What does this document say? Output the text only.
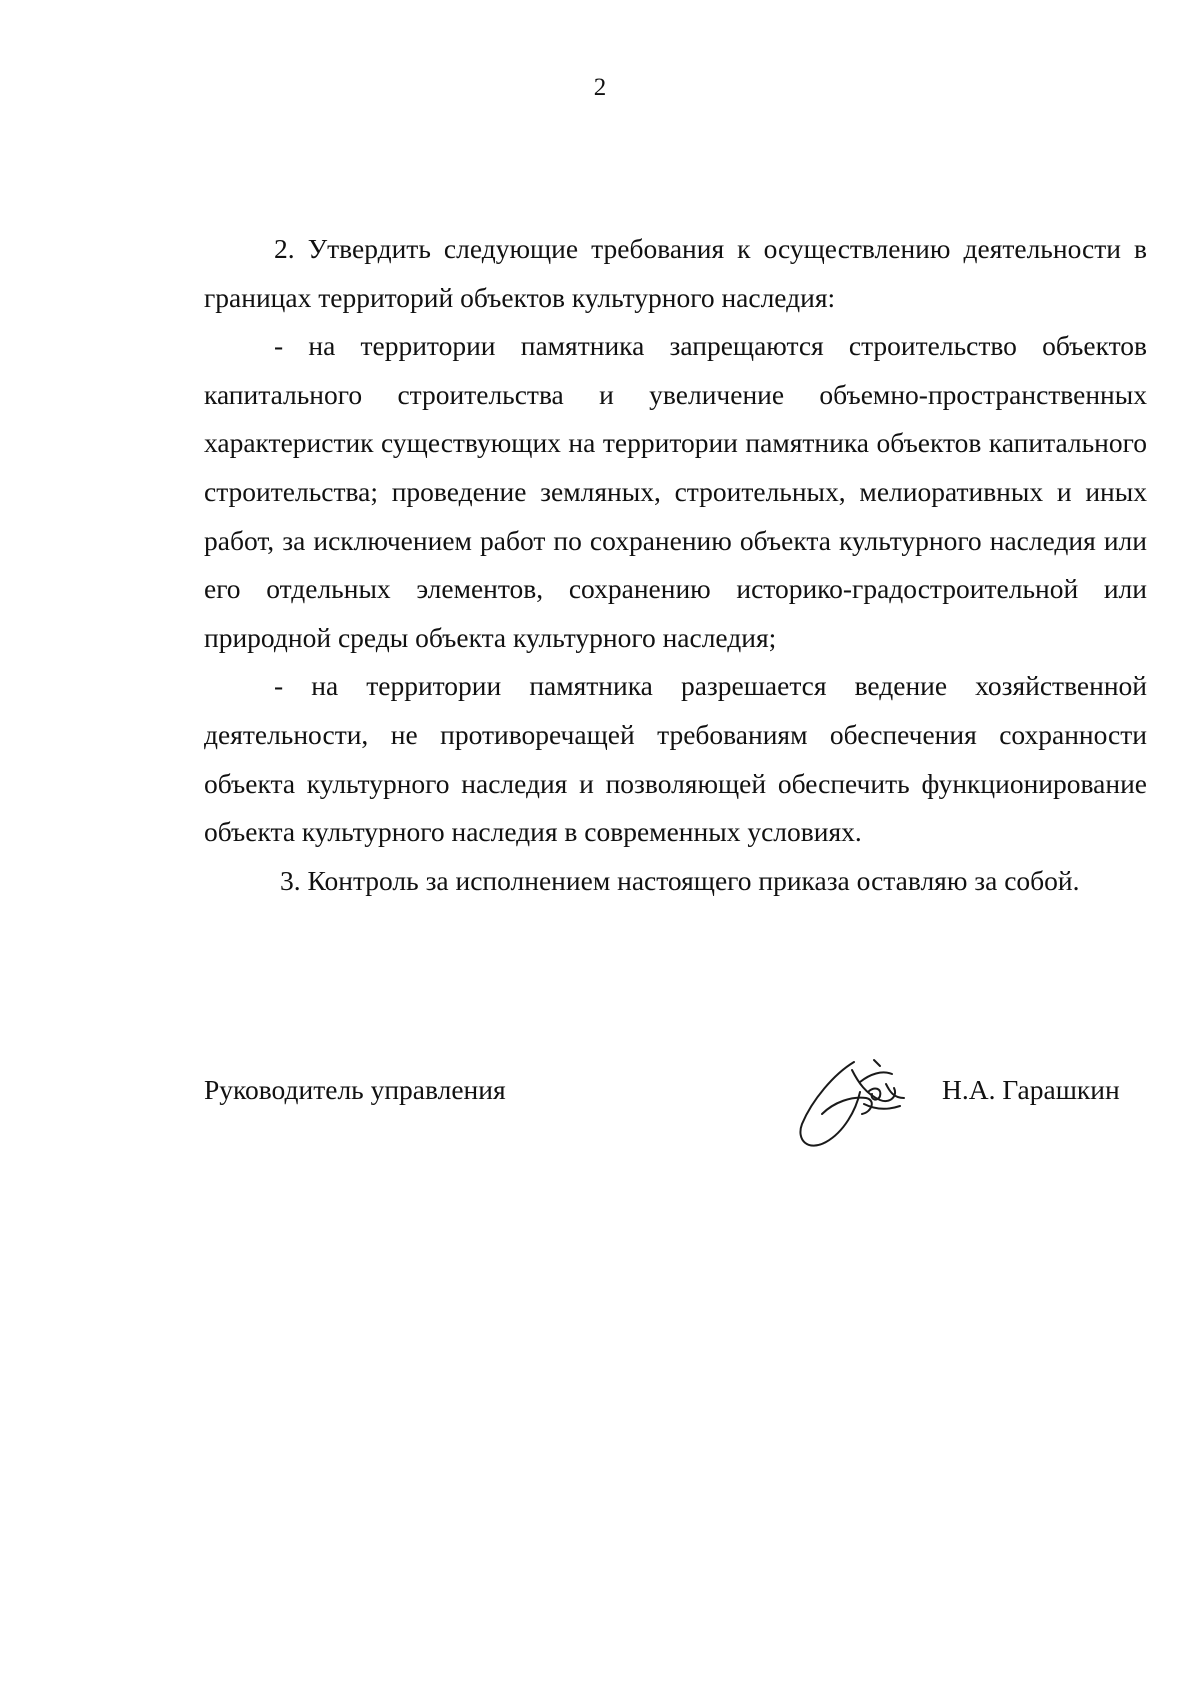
2

2. Утвердить следующие требования к осуществлению деятельности в границах территорий объектов культурного наследия:

- на территории памятника запрещаются строительство объектов капитального строительства и увеличение объемно-пространственных характеристик существующих на территории памятника объектов капитального строительства; проведение земляных, строительных, мелиоративных и иных работ, за исключением работ по сохранению объекта культурного наследия или его отдельных элементов, сохранению историко-градостроительной или природной среды объекта культурного наследия;

- на территории памятника разрешается ведение хозяйственной деятельности, не противоречащей требованиям обеспечения сохранности объекта культурного наследия и позволяющей обеспечить функционирование объекта культурного наследия в современных условиях.

3. Контроль за исполнением настоящего приказа оставляю за собой.

Руководитель управления	Н.А. Гарашкин
